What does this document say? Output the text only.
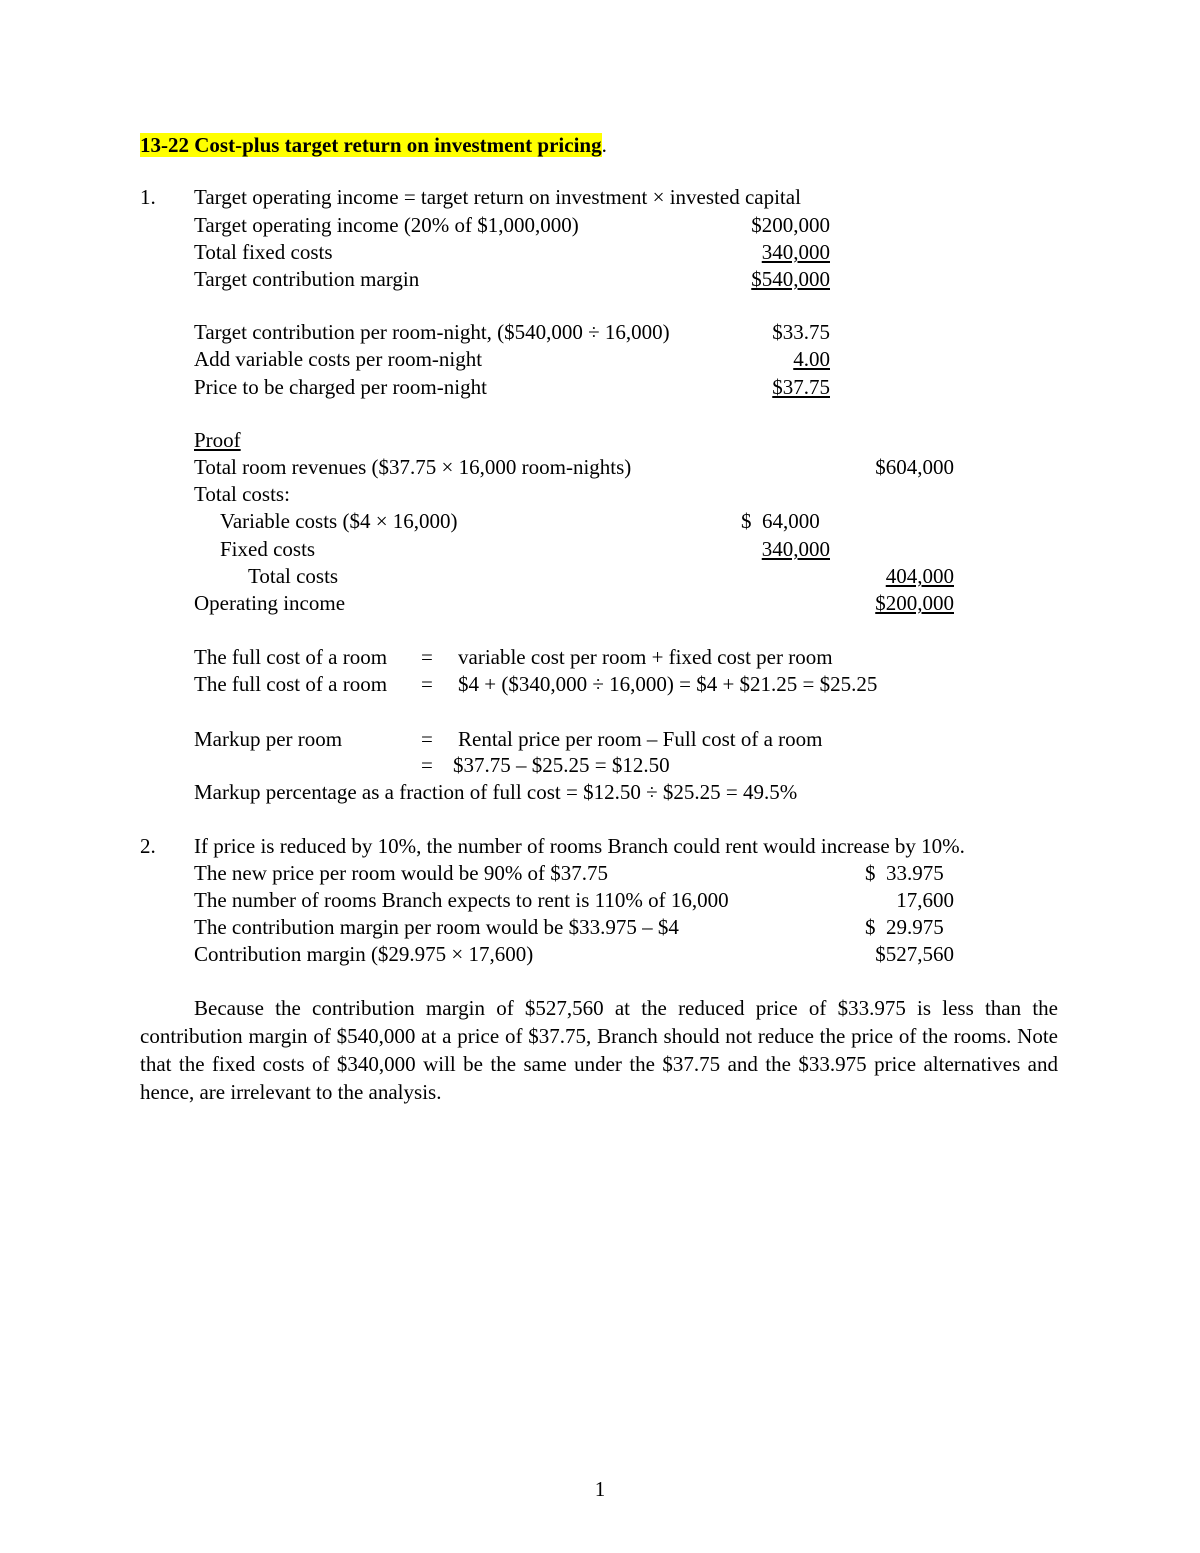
13-22 Cost-plus target return on investment pricing.
1. Target operating income = target return on investment × invested capital
Target operating income (20% of $1,000,000)	$200,000
Total fixed costs	340,000
Target contribution margin	$540,000
Target contribution per room-night, ($540,000 ÷ 16,000)	$33.75
Add variable costs per room-night	4.00
Price to be charged per room-night	$37.75
Proof
Total room revenues ($37.75 × 16,000 room-nights)	$604,000
Total costs:
Variable costs ($4 × 16,000)	$  64,000
Fixed costs	340,000
Total costs	404,000
Operating income	$200,000
The full cost of a room = variable cost per room + fixed cost per room
The full cost of a room = $4 + ($340,000 ÷ 16,000) = $4 + $21.25 = $25.25
Markup per room	= Rental price per room – Full cost of a room
= $37.75 – $25.25 = $12.50
Markup percentage as a fraction of full cost = $12.50 ÷ $25.25 = 49.5%
2. If price is reduced by 10%, the number of rooms Branch could rent would increase by 10%.
The new price per room would be 90% of $37.75	$  33.975
The number of rooms Branch expects to rent is 110% of 16,000	17,600
The contribution margin per room would be $33.975 – $4	$  29.975
Contribution margin ($29.975 × 17,600)	$527,560
Because the contribution margin of $527,560 at the reduced price of $33.975 is less than the contribution margin of $540,000 at a price of $37.75, Branch should not reduce the price of the rooms. Note that the fixed costs of $340,000 will be the same under the $37.75 and the $33.975 price alternatives and hence, are irrelevant to the analysis.
1
